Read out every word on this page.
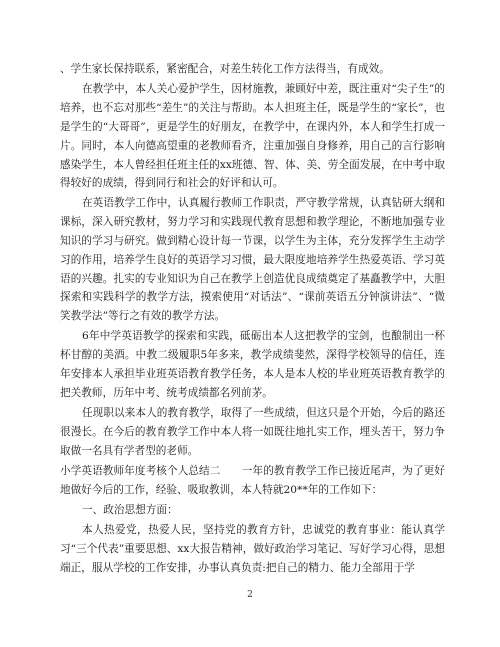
、学生家长保持联系，紧密配合，对差生转化工作方法得当，有成效。

在教学中，本人关心爱护学生，因材施教，兼顾好中差，既注重对“尖子生”的培养，也不忘对那些“差生”的关注与帮助。本人担班主任，既是学生的“家长”，也是学生的“大哥哥”，更是学生的好朋友，在教学中，在课内外，本人和学生打成一片。同时，本人向德高望重的老教师看齐，注重加强自身修养，用自己的言行影响感染学生，本人曾经担任班主任的xx班德、智、体、美、劳全面发展，在中考中取得较好的成绩，得到同行和社会的好评和认可。

在英语教学工作中，认真履行教师工作职责，严守教学常规，认真钻研大纲和课标，深入研究教材，努力学习和实践现代教育思想和教学理论，不断地加强专业知识的学习与研究。做到精心设计每一节课，以学生为主体，充分发挥学生主动学习的作用，培养学生良好的英语学习习惯，最大限度地培养学生热爱英语、学习英语的兴趣。扎实的专业知识为自己在教学上创造优良成绩奠定了基矗教学中，大胆探索和实践科学的教学方法，摸索使用“对话法”、“课前英语五分钟演讲法”、“微笑教学法”等行之有效的教学方法。

6年中学英语教学的探索和实践，砥砺出本人这把教学的宝剑，也酿制出一杯杯甘醇的美酒。中教二级履职5年多来，教学成绩斐然，深得学校领导的信任，连年安排本人承担毕业班英语教育教学任务，本人是本人校的毕业班英语教育教学的把关教师，历年中考、统考成绩都名列前茅。

任现职以来本人的教育教学，取得了一些成绩，但这只是个开始，今后的路还很漫长。在今后的教育教学工作中本人将一如既往地扎实工作，埋头苦干，努力争取做一名具有学者型的老师。

小学英语教师年度考核个人总结二　　一年的教育教学工作已接近尾声，为了更好地做好今后的工作，经验、吸取教训，本人特就20**年的工作如下：

一、政治思想方面：

本人热爱党，热爱人民，坚持党的教育方针，忠诚党的教育事业：能认真学习“三个代表”重要思想、xx大报告精神，做好政治学习笔记、写好学习心得，思想端正，服从学校的工作安排，办事认真负责:把自己的精力、能力全部用于学

2
